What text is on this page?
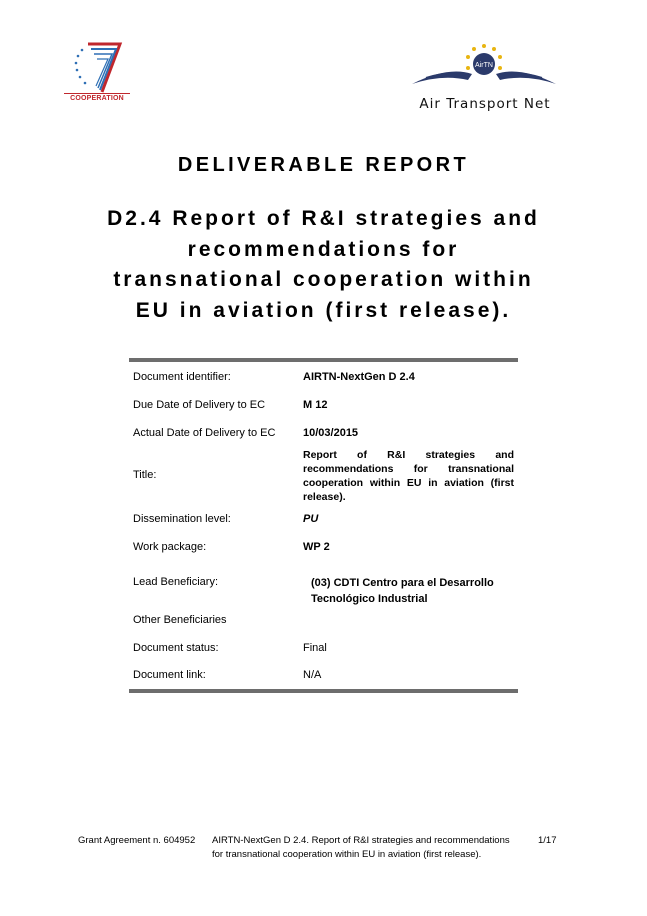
COOPERATION
AirTN
Air Transport Net
DELIVERABLE REPORT
D2.4 Report of R&I strategies and
recommendations for
transnational cooperation within
EU in aviation (first release).
Document identifier:	AIRTN-NextGen D 2.4
Due Date of Delivery to EC	M 12
Actual Date of Delivery to EC	10/03/2015
Title:
Report of R&I strategies and recommendations for transnational cooperation within EU in aviation (first release).
Dissemination level:	PU
Work package:	WP 2
Lead Beneficiary:	(03) CDTI Centro para el Desarrollo Tecnológico Industrial
Other Beneficiaries
Document status:	Final
Document link:	N/A
Grant Agreement n. 604952 AIRTN-NextGen D 2.4. Report of R&I strategies and recommendations
for transnational cooperation within EU in aviation (first release).
1/17
